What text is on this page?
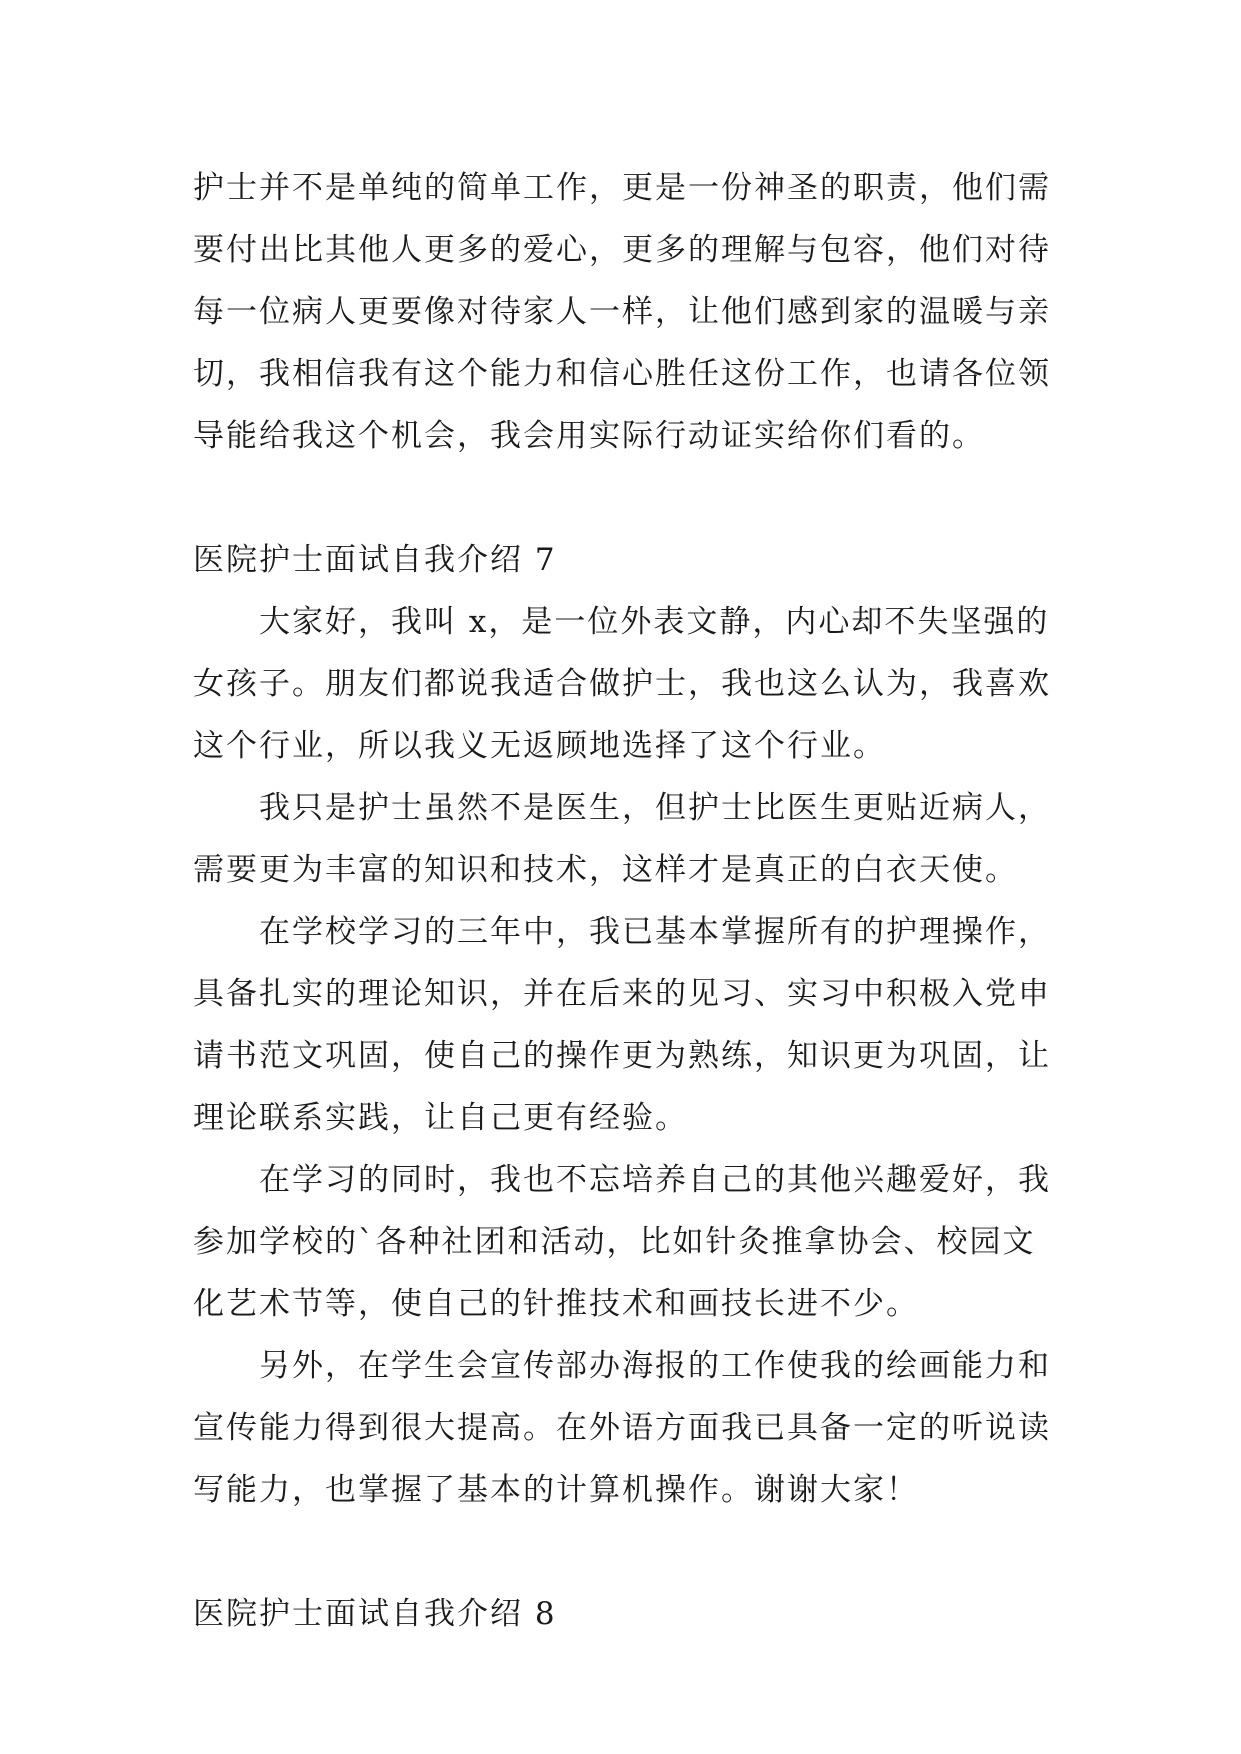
护士并不是单纯的简单工作，更是一份神圣的职责，他们需要付出比其他人更多的爱心，更多的理解与包容，他们对待每一位病人更要像对待家人一样，让他们感到家的温暖与亲切，我相信我有这个能力和信心胜任这份工作，也请各位领导能给我这个机会，我会用实际行动证实给你们看的。

医院护士面试自我介绍 7

大家好，我叫 x，是一位外表文静，内心却不失坚强的女孩子。朋友们都说我适合做护士，我也这么认为，我喜欢这个行业，所以我义无返顾地选择了这个行业。

我只是护士虽然不是医生，但护士比医生更贴近病人，需要更为丰富的知识和技术，这样才是真正的白衣天使。

在学校学习的三年中，我已基本掌握所有的护理操作，具备扎实的理论知识，并在后来的见习、实习中积极入党申请书范文巩固，使自己的操作更为熟练，知识更为巩固，让理论联系实践，让自己更有经验。

在学习的同时，我也不忘培养自己的其他兴趣爱好，我参加学校的`各种社团和活动，比如针灸推拿协会、校园文化艺术节等，使自己的针推技术和画技长进不少。

另外，在学生会宣传部办海报的工作使我的绘画能力和宣传能力得到很大提高。在外语方面我已具备一定的听说读写能力，也掌握了基本的计算机操作。谢谢大家！

医院护士面试自我介绍 8
